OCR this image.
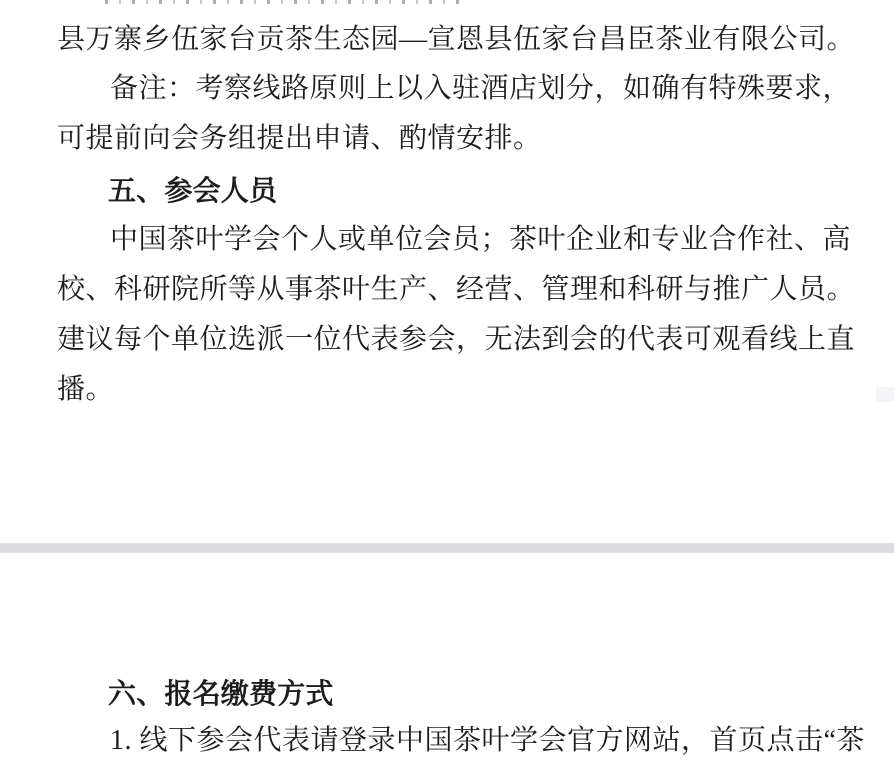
县万寨乡伍家台贡茶生态园—宣恩县伍家台昌臣茶业有限公司。
备注：考察线路原则上以入驻酒店划分，如确有特殊要求，
可提前向会务组提出申请、酌情安排。
五、参会人员
中国茶叶学会个人或单位会员；茶叶企业和专业合作社、高
校、科研院所等从事茶叶生产、经营、管理和科研与推广人员。
建议每个单位选派一位代表参会，无法到会的代表可观看线上直
播。
六、报名缴费方式
1. 线下参会代表请登录中国茶叶学会官方网站，首页点击“茶
